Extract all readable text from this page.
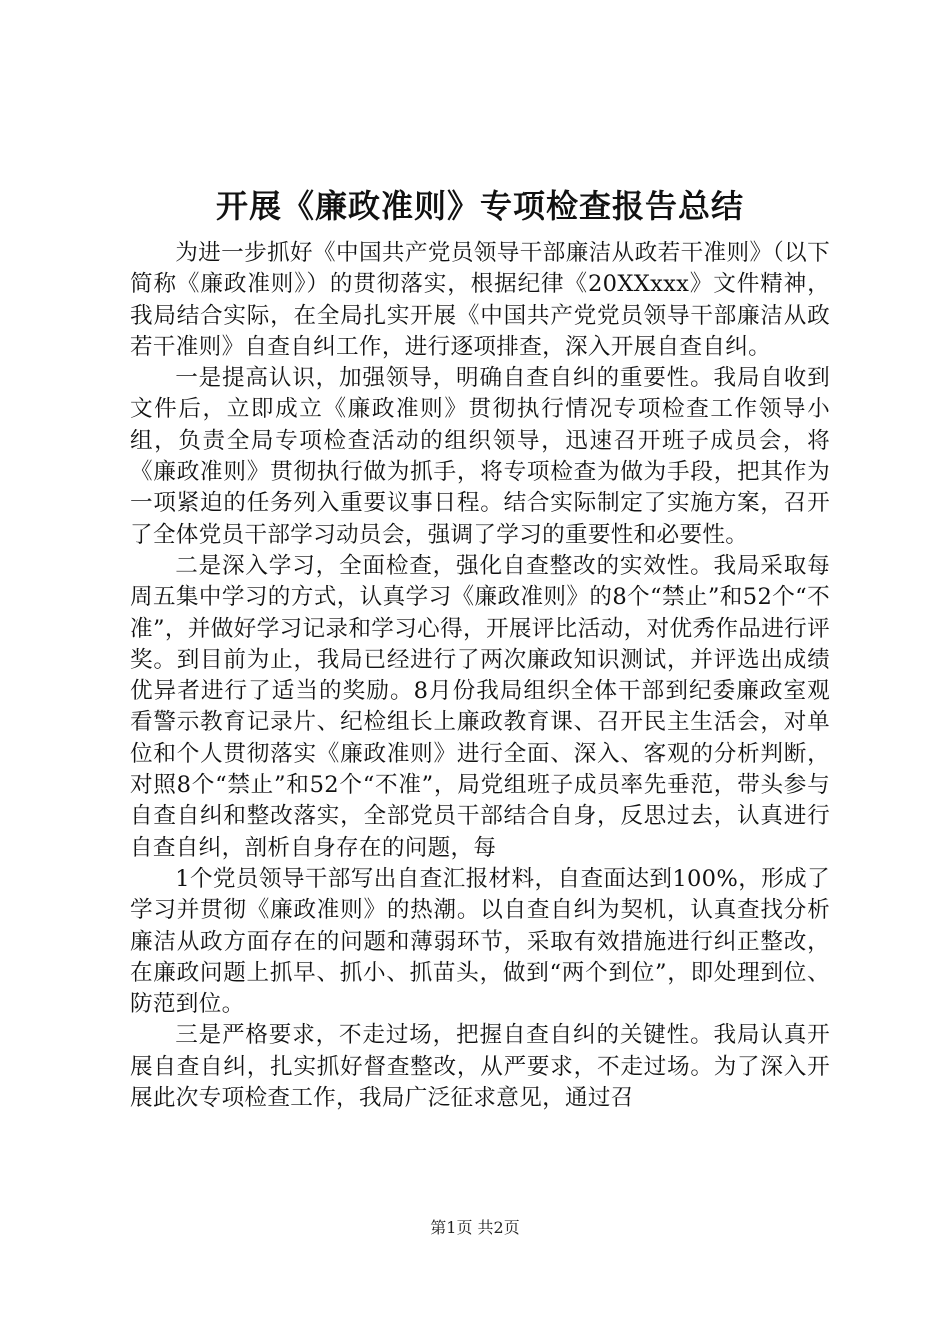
开展《廉政准则》专项检查报告总结

为进一步抓好《中国共产党员领导干部廉洁从政若干准则》（以下简称《廉政准则》）的贯彻落实，根据纪律《20XXxxx》文件精神，我局结合实际，在全局扎实开展《中国共产党党员领导干部廉洁从政若干准则》自查自纠工作，进行逐项排查，深入开展自查自纠。

一是提高认识，加强领导，明确自查自纠的重要性。我局自收到文件后，立即成立《廉政准则》贯彻执行情况专项检查工作领导小组，负责全局专项检查活动的组织领导，迅速召开班子成员会，将《廉政准则》贯彻执行做为抓手，将专项检查为做为手段，把其作为一项紧迫的任务列入重要议事日程。结合实际制定了实施方案，召开了全体党员干部学习动员会，强调了学习的重要性和必要性。

二是深入学习，全面检查，强化自查整改的实效性。我局采取每周五集中学习的方式，认真学习《廉政准则》的8个“禁止”和52个“不准”，并做好学习记录和学习心得，开展评比活动，对优秀作品进行评奖。到目前为止，我局已经进行了两次廉政知识测试，并评选出成绩优异者进行了适当的奖励。8月份我局组织全体干部到纪委廉政室观看警示教育记录片、纪检组长上廉政教育课、召开民主生活会，对单位和个人贯彻落实《廉政准则》进行全面、深入、客观的分析判断，对照8个“禁止”和52个“不准”，局党组班子成员率先垂范，带头参与自查自纠和整改落实，全部党员干部结合自身，反思过去，认真进行自查自纠，剖析自身存在的问题，每

1个党员领导干部写出自查汇报材料，自查面达到100%，形成了学习并贯彻《廉政准则》的热潮。以自查自纠为契机，认真查找分析廉洁从政方面存在的问题和薄弱环节，采取有效措施进行纠正整改，在廉政问题上抓早、抓小、抓苗头，做到“两个到位”，即处理到位、防范到位。

三是严格要求，不走过场，把握自查自纠的关键性。我局认真开展自查自纠，扎实抓好督查整改，从严要求，不走过场。为了深入开展此次专项检查工作，我局广泛征求意见，通过召

第1页 共2页
